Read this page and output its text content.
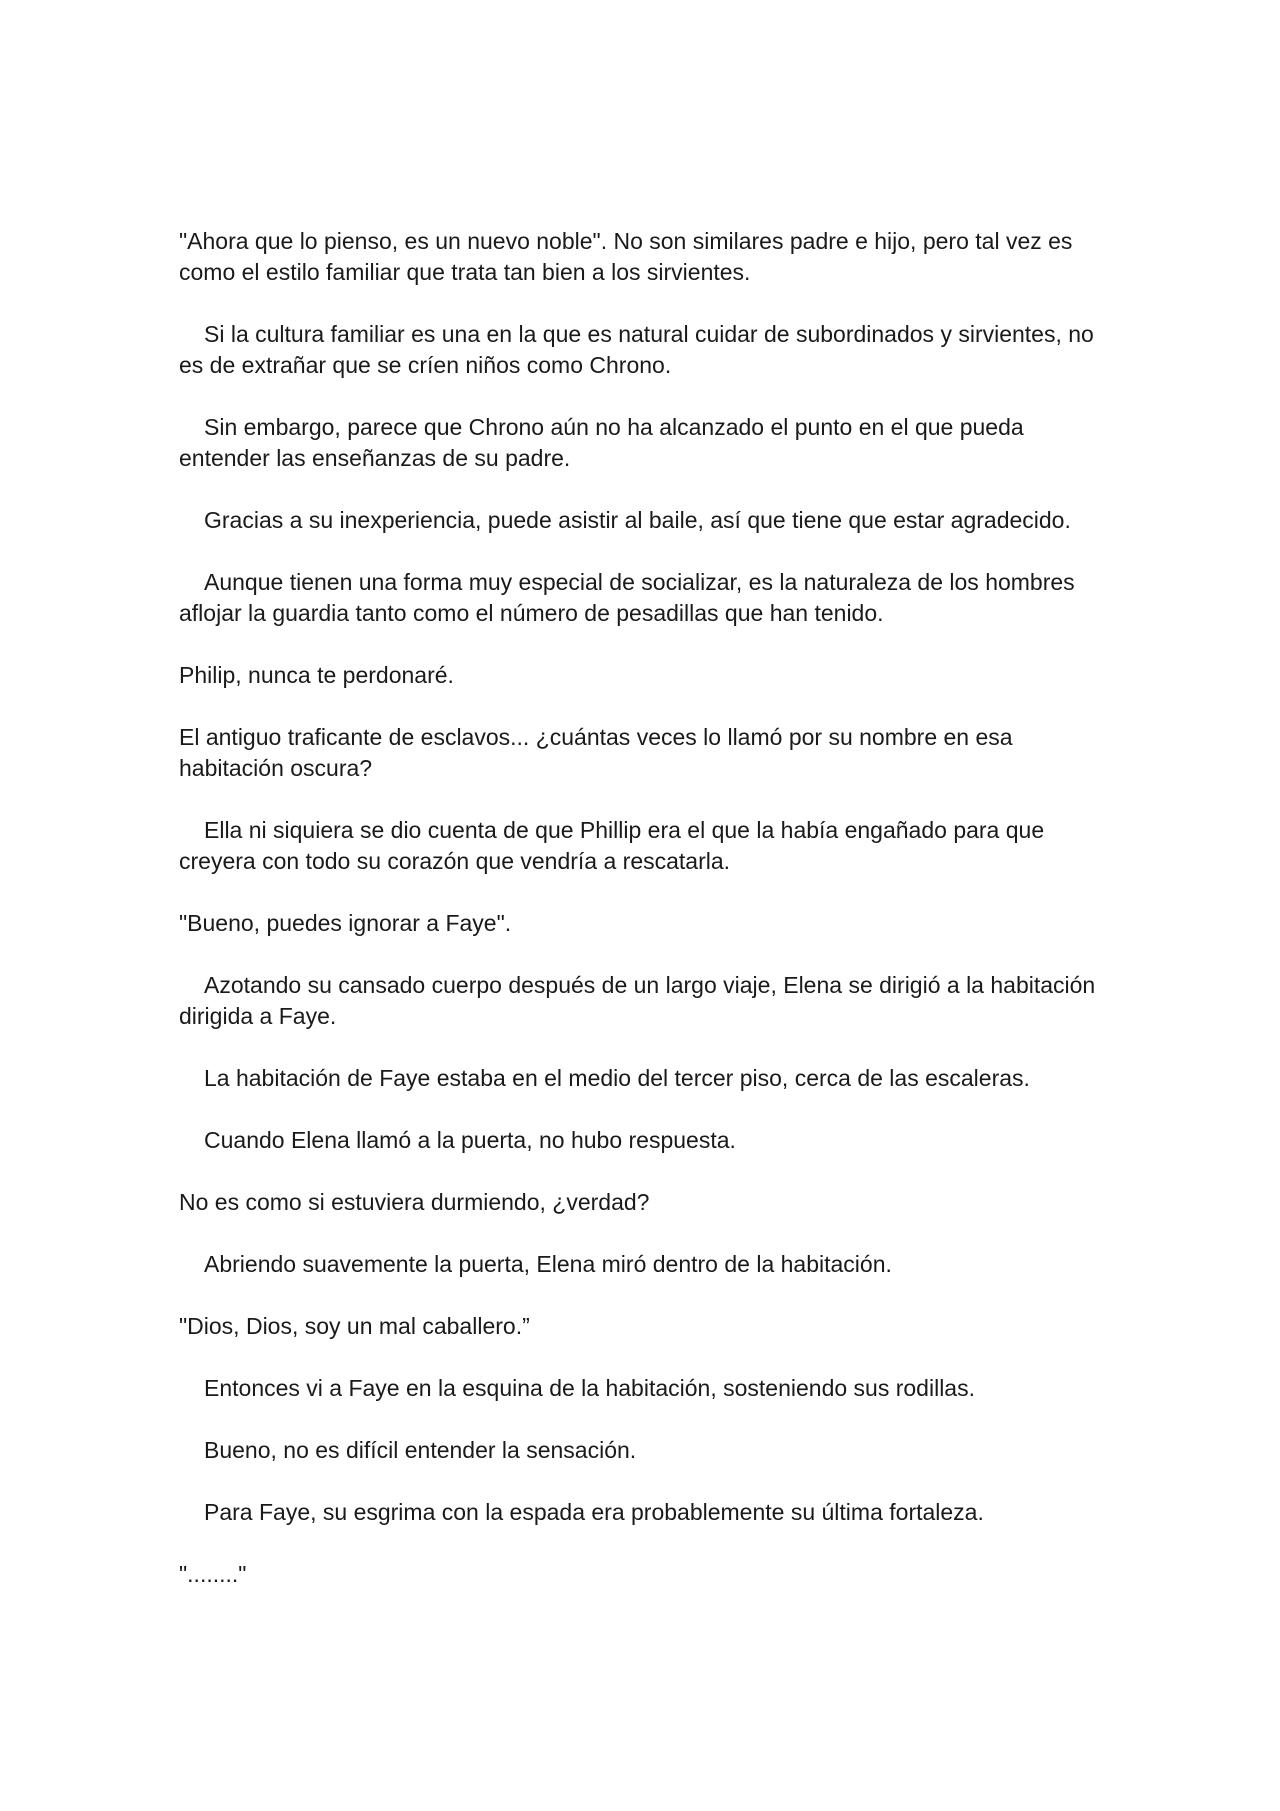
"Ahora que lo pienso, es un nuevo noble". No son similares padre e hijo, pero tal vez es como el estilo familiar que trata tan bien a los sirvientes.

Si la cultura familiar es una en la que es natural cuidar de subordinados y sirvientes, no es de extrañar que se críen niños como Chrono.

Sin embargo, parece que Chrono aún no ha alcanzado el punto en el que pueda entender las enseñanzas de su padre.

Gracias a su inexperiencia, puede asistir al baile, así que tiene que estar agradecido.

Aunque tienen una forma muy especial de socializar, es la naturaleza de los hombres aflojar la guardia tanto como el número de pesadillas que han tenido.

Philip, nunca te perdonaré.

El antiguo traficante de esclavos... ¿cuántas veces lo llamó por su nombre en esa habitación oscura?

Ella ni siquiera se dio cuenta de que Phillip era el que la había engañado para que creyera con todo su corazón que vendría a rescatarla.

"Bueno, puedes ignorar a Faye".

Azotando su cansado cuerpo después de un largo viaje, Elena se dirigió a la habitación dirigida a Faye.

La habitación de Faye estaba en el medio del tercer piso, cerca de las escaleras.

Cuando Elena llamó a la puerta, no hubo respuesta.

No es como si estuviera durmiendo, ¿verdad?

Abriendo suavemente la puerta, Elena miró dentro de la habitación.

"Dios, Dios, soy un mal caballero.”

Entonces vi a Faye en la esquina de la habitación, sosteniendo sus rodillas.

Bueno, no es difícil entender la sensación.

Para Faye, su esgrima con la espada era probablemente su última fortaleza.

"........"
